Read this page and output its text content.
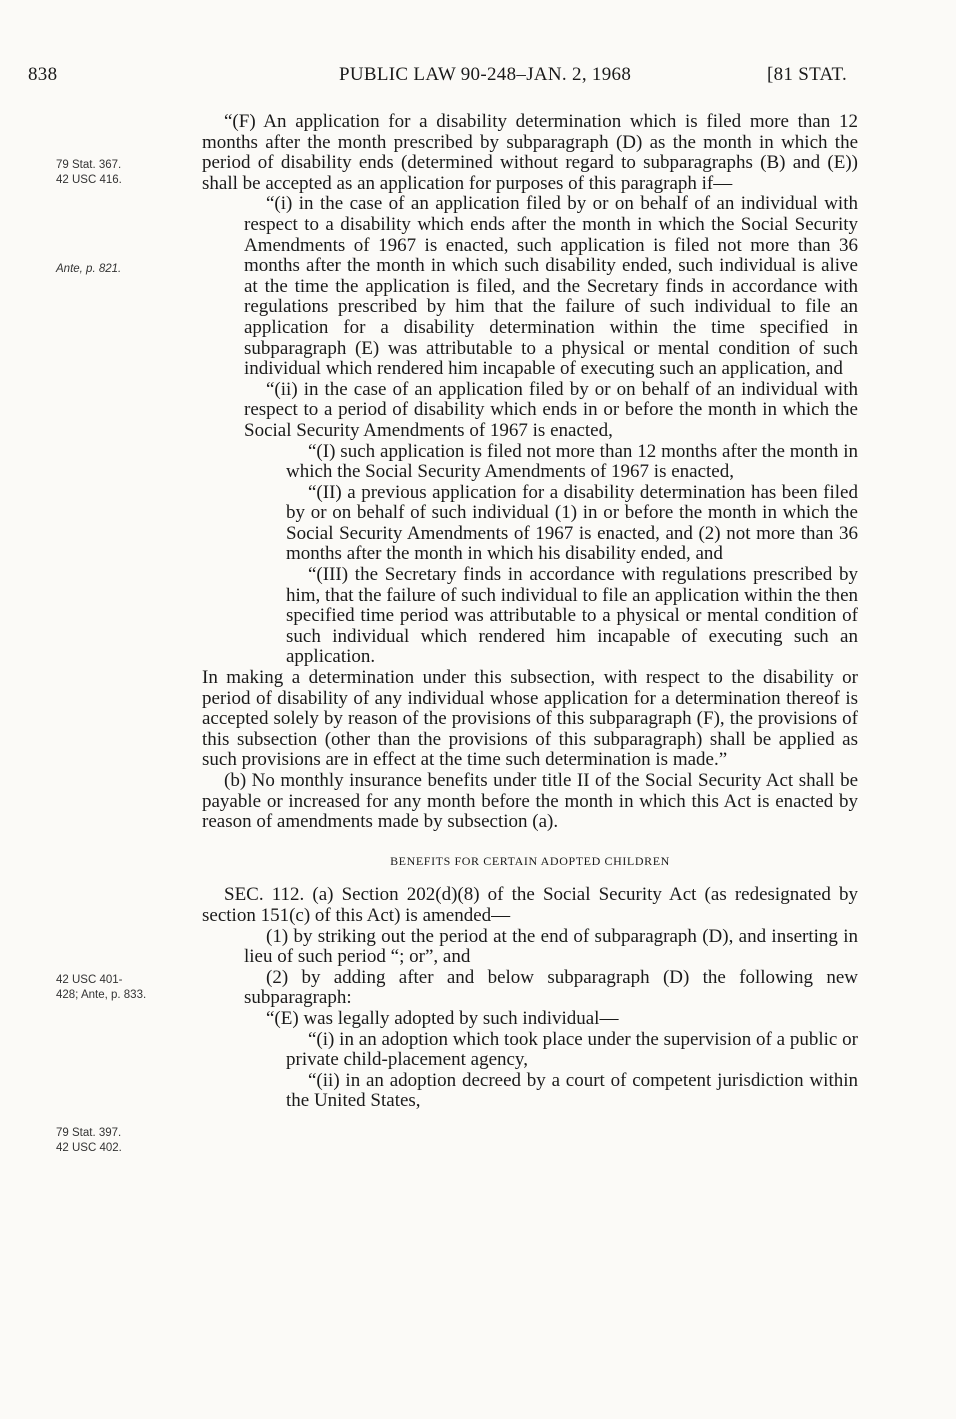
838	PUBLIC LAW 90-248–JAN. 2, 1968	[81 STAT.
79 Stat. 367.
42 USC 416.
Ante, p. 821.
42 USC 401-
428; Ante, p. 833.
79 Stat. 397.
42 USC 402.

“(F) An application for a disability determination which is filed more than 12 months after the month prescribed by subparagraph (D) as the month in which the period of disability ends (determined without regard to subparagraphs (B) and (E)) shall be accepted as an application for purposes of this paragraph if—

“(i) in the case of an application filed by or on behalf of an individual with respect to a disability which ends after the month in which the Social Security Amendments of 1967 is enacted, such application is filed not more than 36 months after the month in which such disability ended, such individual is alive at the time the application is filed, and the Secretary finds in accordance with regulations prescribed by him that the failure of such individual to file an application for a disability determination within the time specified in subparagraph (E) was attributable to a physical or mental condition of such individual which rendered him incapable of executing such an application, and

“(ii) in the case of an application filed by or on behalf of an individual with respect to a period of disability which ends in or before the month in which the Social Security Amendments of 1967 is enacted,

“(I) such application is filed not more than 12 months after the month in which the Social Security Amendments of 1967 is enacted,

“(II) a previous application for a disability determination has been filed by or on behalf of such individual (1) in or before the month in which the Social Security Amendments of 1967 is enacted, and (2) not more than 36 months after the month in which his disability ended, and

“(III) the Secretary finds in accordance with regulations prescribed by him, that the failure of such individual to file an application within the then specified time period was attributable to a physical or mental condition of such individual which rendered him incapable of executing such an application.

In making a determination under this subsection, with respect to the disability or period of disability of any individual whose application for a determination thereof is accepted solely by reason of the provisions of this subparagraph (F), the provisions of this subsection (other than the provisions of this subparagraph) shall be applied as such provisions are in effect at the time such determination is made.”

(b) No monthly insurance benefits under title II of the Social Security Act shall be payable or increased for any month before the month in which this Act is enacted by reason of amendments made by subsection (a).

BENEFITS FOR CERTAIN ADOPTED CHILDREN

SEC. 112. (a) Section 202(d)(8) of the Social Security Act (as redesignated by section 151(c) of this Act) is amended—

(1) by striking out the period at the end of subparagraph (D), and inserting in lieu of such period “; or”, and

(2) by adding after and below subparagraph (D) the following new subparagraph:

“(E) was legally adopted by such individual—

“(i) in an adoption which took place under the supervision of a public or private child-placement agency,

“(ii) in an adoption decreed by a court of competent jurisdiction within the United States,
